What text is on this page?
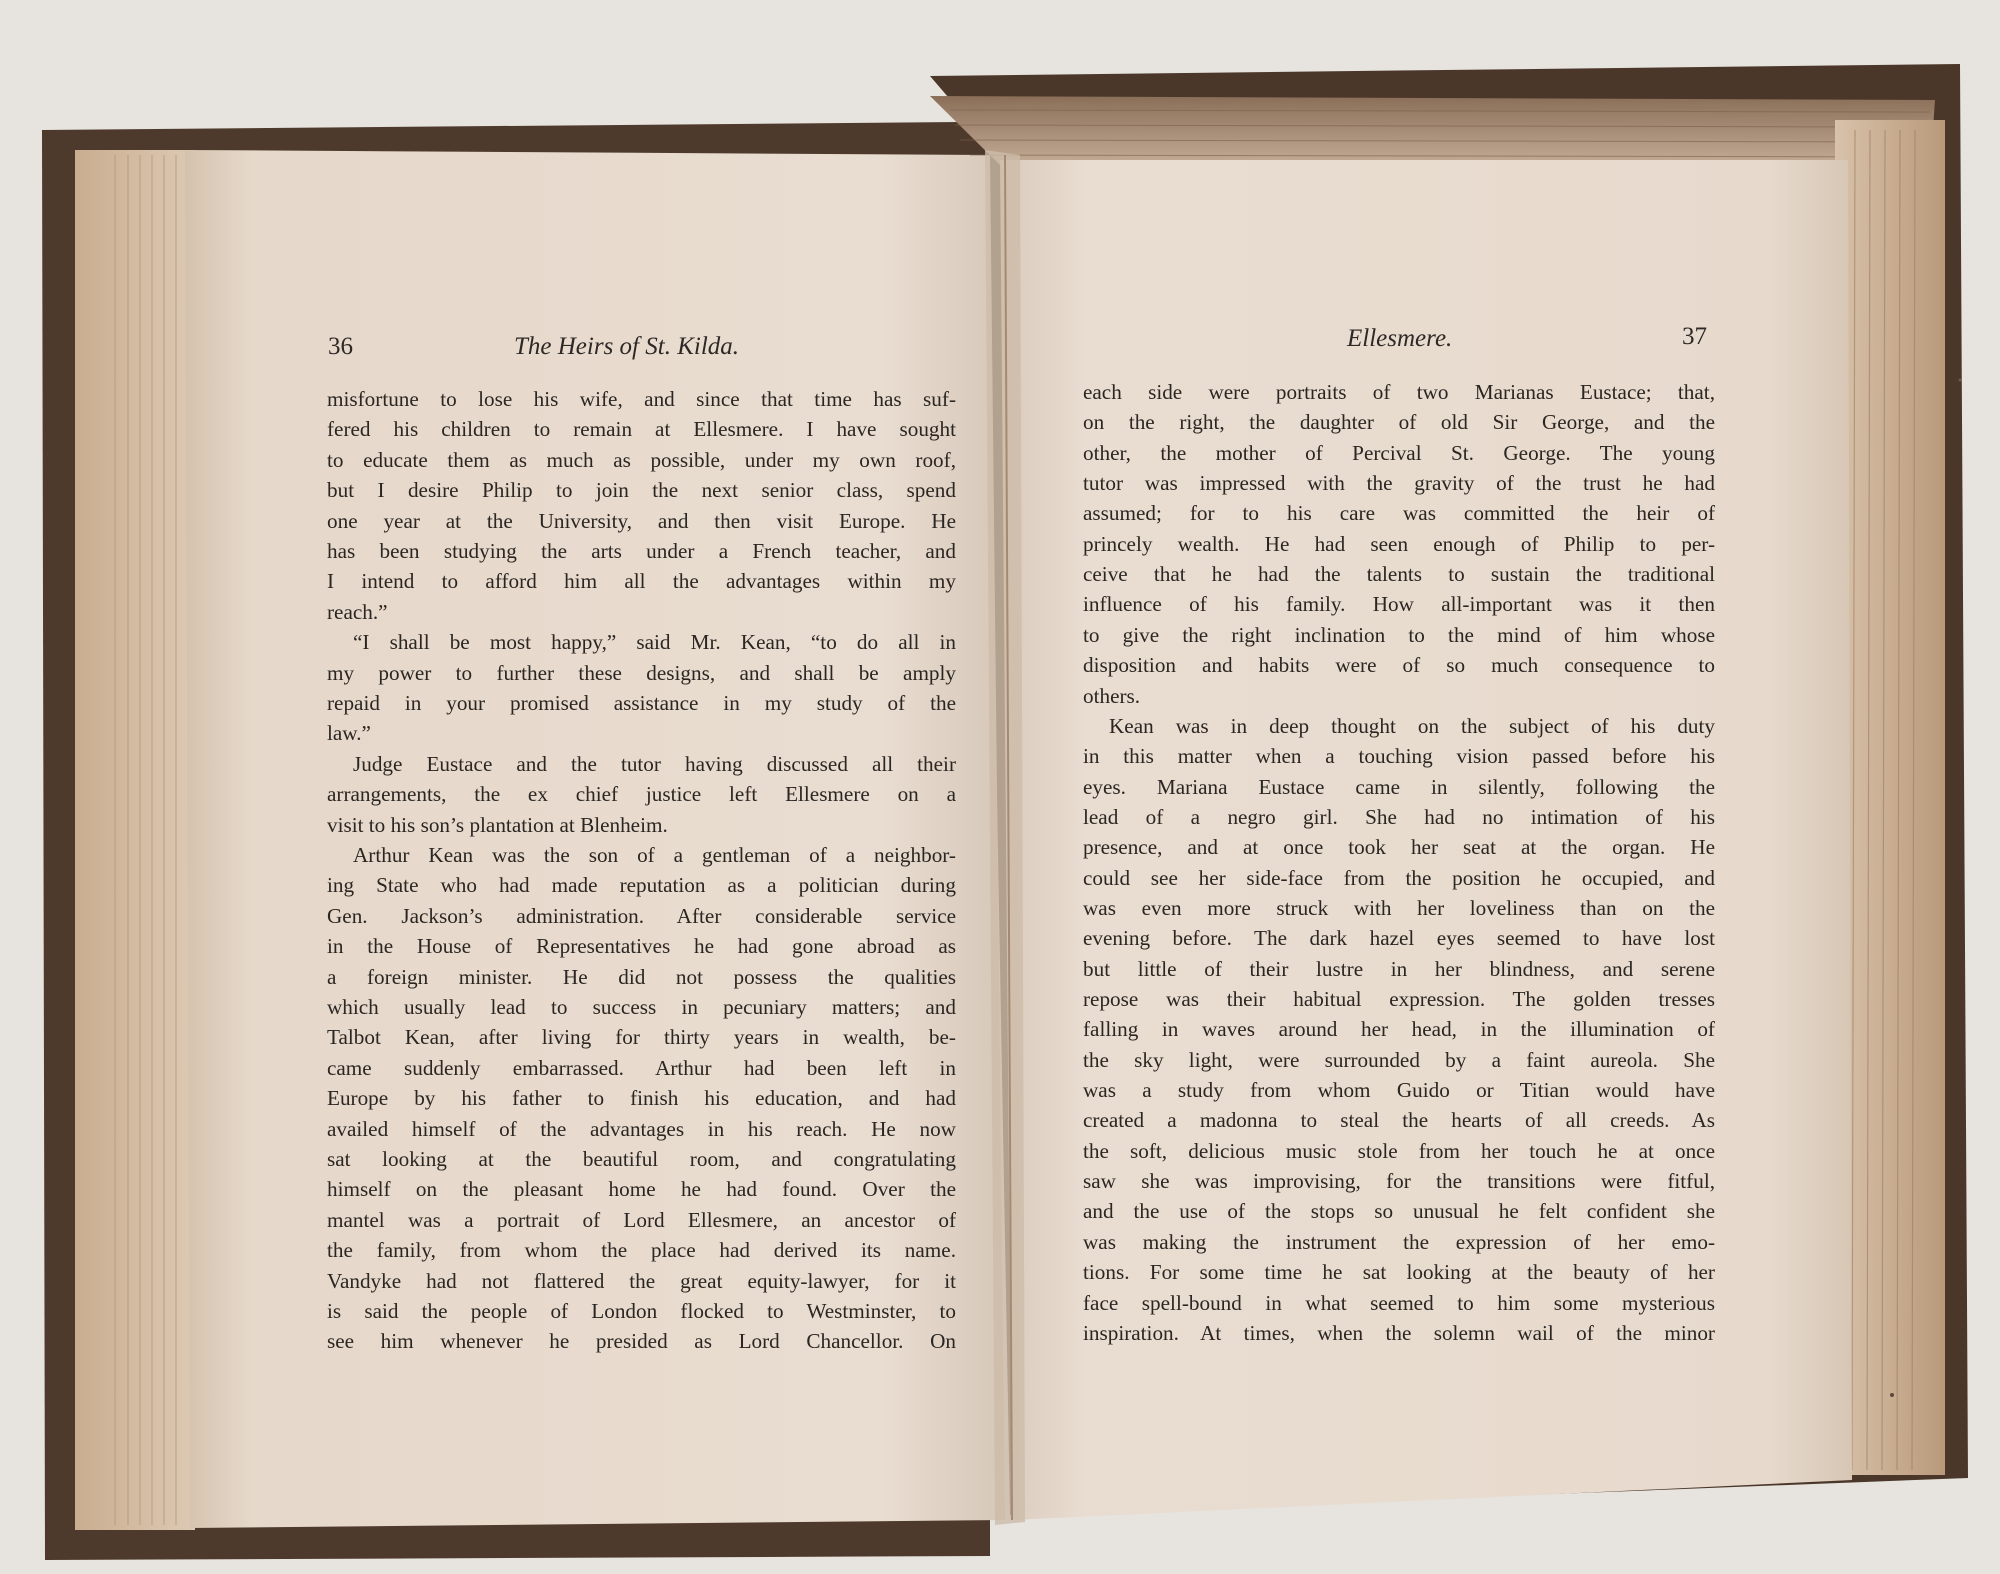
36	The Heirs of St. Kilda.
misfortune to lose his wife, and since that time has suf-
fered his children to remain at Ellesmere. I have sought
to educate them as much as possible, under my own roof,
but I desire Philip to join the next senior class, spend
one year at the University, and then visit Europe. He
has been studying the arts under a French teacher, and
I intend to afford him all the advantages within my
reach.”
“I shall be most happy,” said Mr. Kean, “to do all in
my power to further these designs, and shall be amply
repaid in your promised assistance in my study of the
law.”
Judge Eustace and the tutor having discussed all their
arrangements, the ex chief justice left Ellesmere on a
visit to his son’s plantation at Blenheim.
Arthur Kean was the son of a gentleman of a neighbor-
ing State who had made reputation as a politician during
Gen. Jackson’s administration. After considerable service
in the House of Representatives he had gone abroad as
a foreign minister. He did not possess the qualities
which usually lead to success in pecuniary matters; and
Talbot Kean, after living for thirty years in wealth, be-
came suddenly embarrassed. Arthur had been left in
Europe by his father to finish his education, and had
availed himself of the advantages in his reach. He now
sat looking at the beautiful room, and congratulating
himself on the pleasant home he had found. Over the
mantel was a portrait of Lord Ellesmere, an ancestor of
the family, from whom the place had derived its name.
Vandyke had not flattered the great equity-lawyer, for it
is said the people of London flocked to Westminster, to
see him whenever he presided as Lord Chancellor. On
Ellesmere.	37
each side were portraits of two Marianas Eustace; that,
on the right, the daughter of old Sir George, and the
other, the mother of Percival St. George. The young
tutor was impressed with the gravity of the trust he had
assumed; for to his care was committed the heir of
princely wealth. He had seen enough of Philip to per-
ceive that he had the talents to sustain the traditional
influence of his family. How all-important was it then
to give the right inclination to the mind of him whose
disposition and habits were of so much consequence to
others.
Kean was in deep thought on the subject of his duty
in this matter when a touching vision passed before his
eyes. Mariana Eustace came in silently, following the
lead of a negro girl. She had no intimation of his
presence, and at once took her seat at the organ. He
could see her side-face from the position he occupied, and
was even more struck with her loveliness than on the
evening before. The dark hazel eyes seemed to have lost
but little of their lustre in her blindness, and serene
repose was their habitual expression. The golden tresses
falling in waves around her head, in the illumination of
the sky light, were surrounded by a faint aureola. She
was a study from whom Guido or Titian would have
created a madonna to steal the hearts of all creeds. As
the soft, delicious music stole from her touch he at once
saw she was improvising, for the transitions were fitful,
and the use of the stops so unusual he felt confident she
was making the instrument the expression of her emo-
tions. For some time he sat looking at the beauty of her
face spell-bound in what seemed to him some mysterious
inspiration. At times, when the solemn wail of the minor
